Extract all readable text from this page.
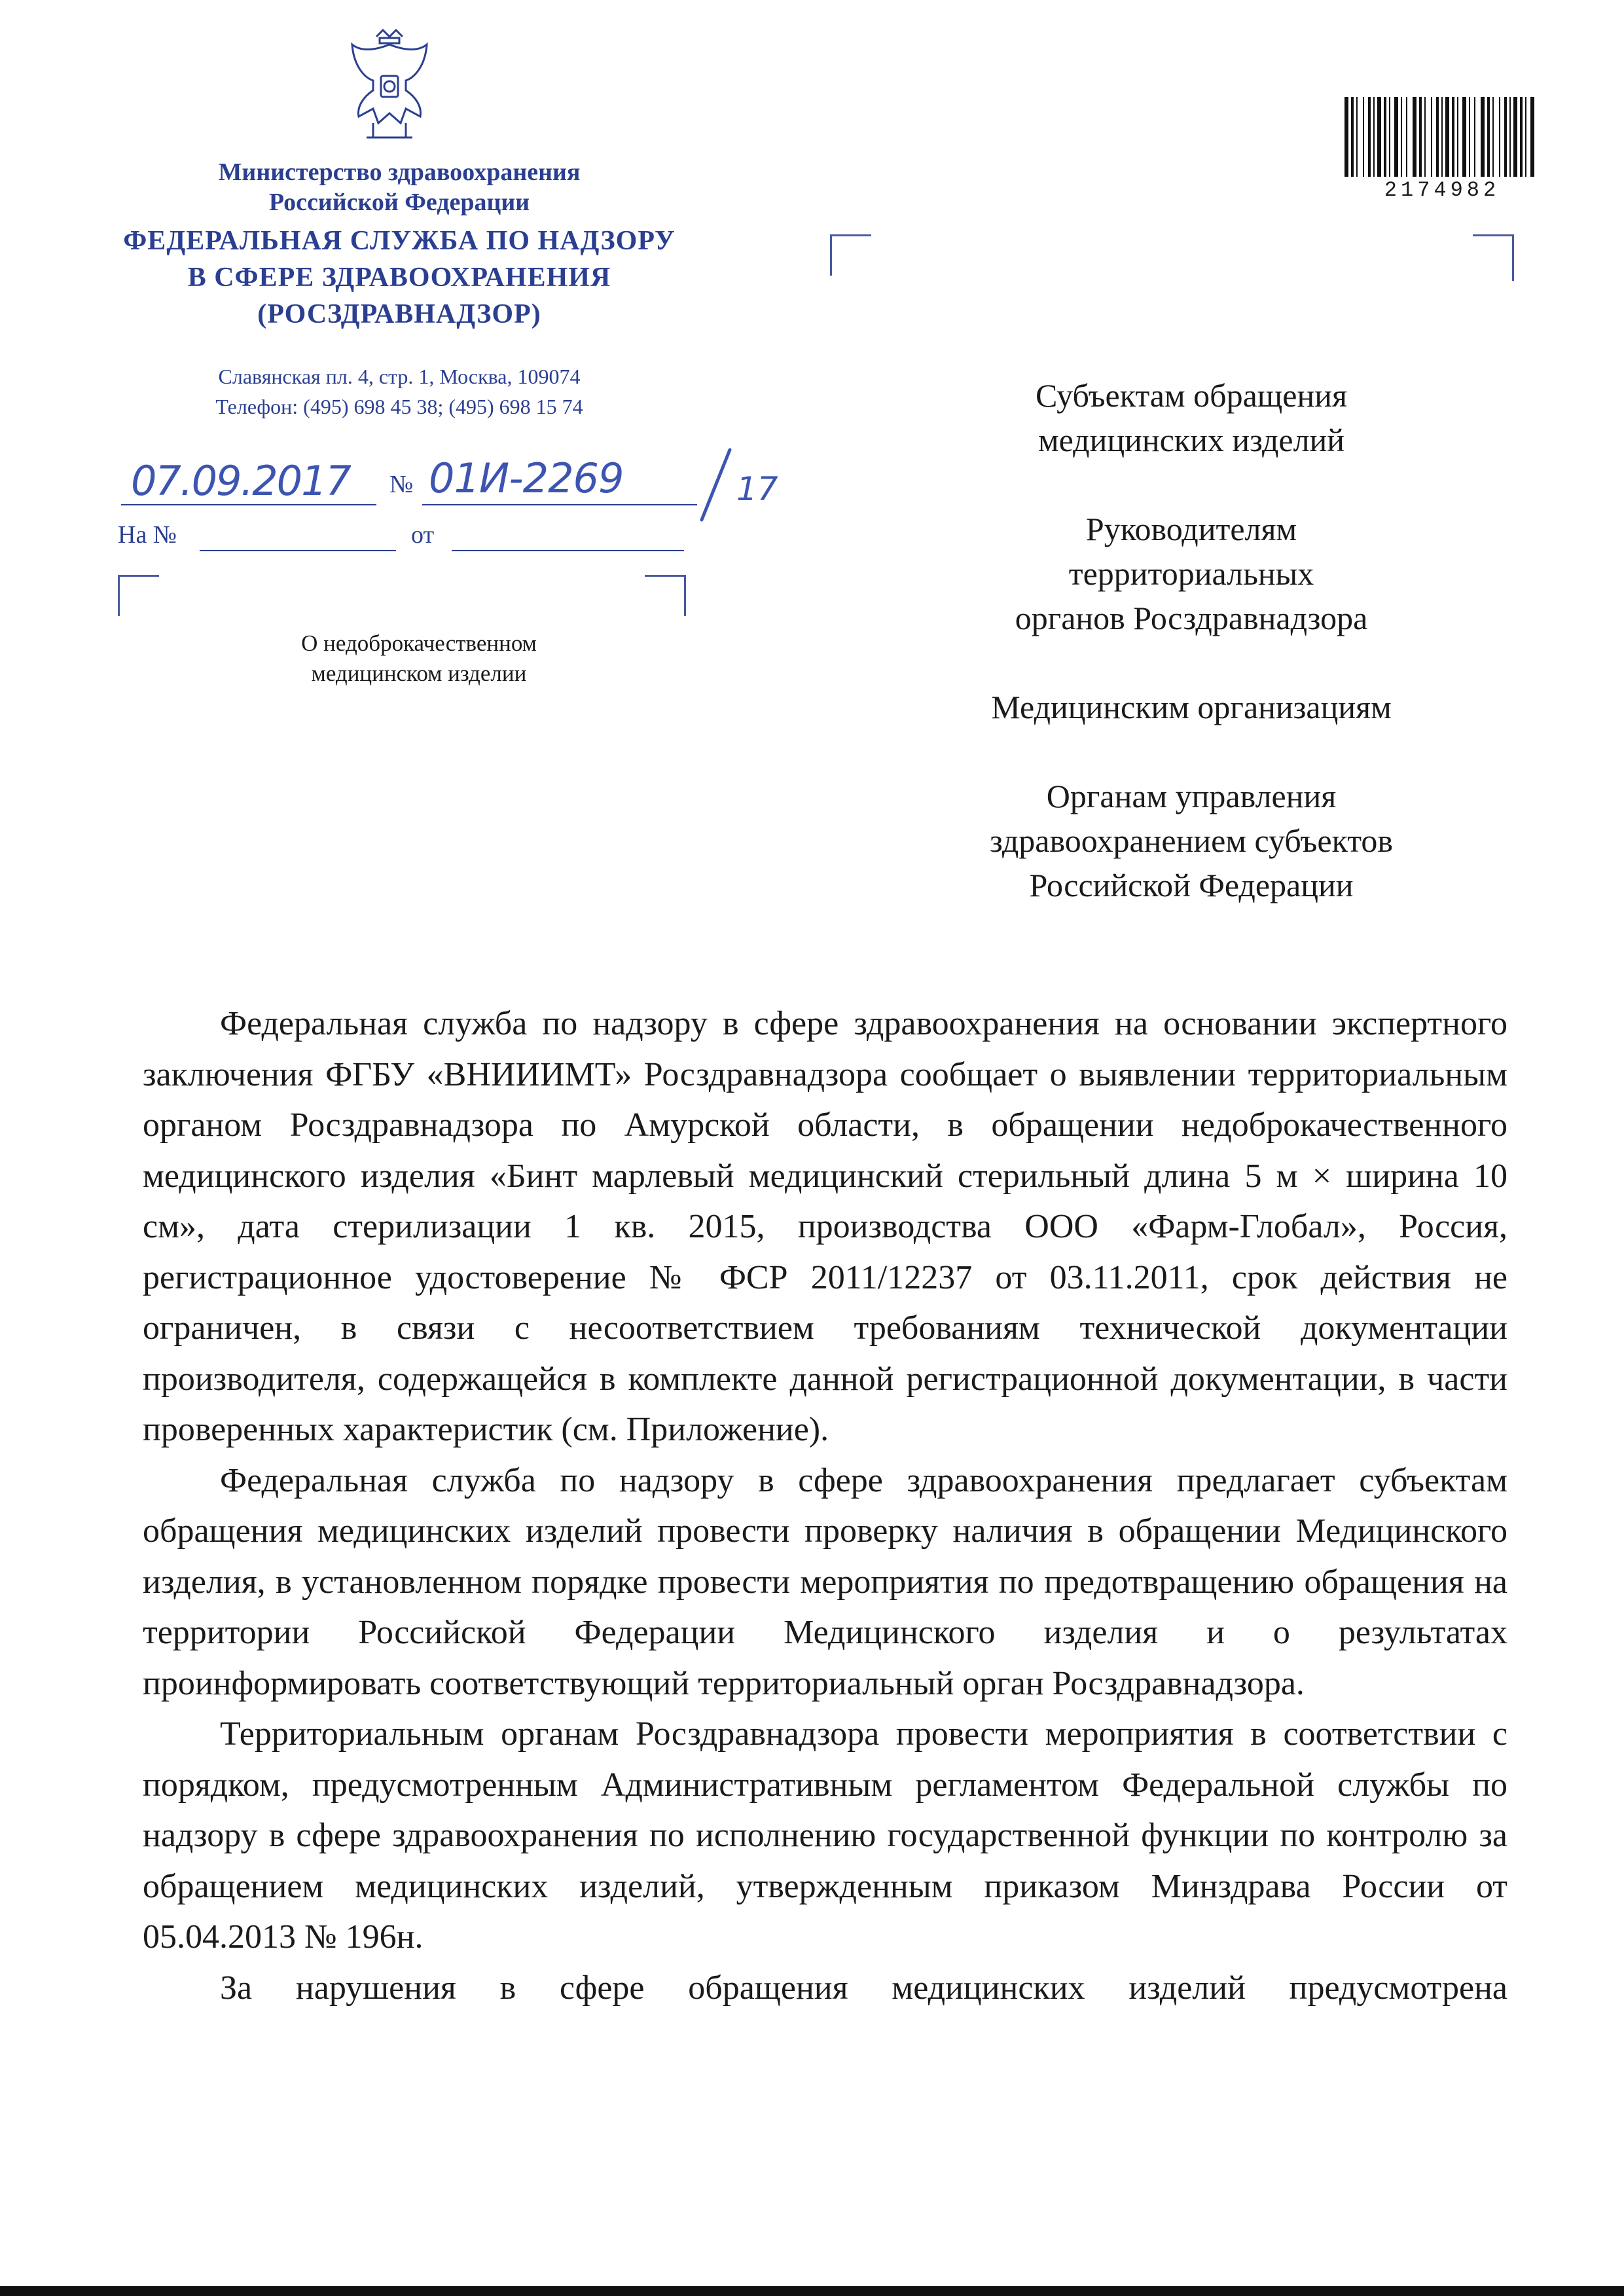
Министерство здравоохранения
Российской Федерации
ФЕДЕРАЛЬНАЯ СЛУЖБА ПО НАДЗОРУ
В СФЕРЕ ЗДРАВООХРАНЕНИЯ
(РОСЗДРАВНАДЗОР)
Славянская пл. 4, стр. 1, Москва, 109074
Телефон: (495) 698 45 38; (495) 698 15 74
07.09.2017 № 01И-2269	17
На №	от
О недоброкачественном
медицинском изделии
2174982
Субъектам обращения
медицинских изделий
Руководителям
территориальных
органов Росздравнадзора
Медицинским организациям
Органам управления
здравоохранением субъектов
Российской Федерации

Федеральная служба по надзору в сфере здравоохранения на основании экспертного заключения ФГБУ «ВНИИИМТ» Росздравнадзора сообщает о выявлении территориальным органом Росздравнадзора по Амурской области, в обращении недоброкачественного медицинского изделия «Бинт марлевый медицинский стерильный длина 5 м × ширина 10 см», дата стерилизации 1 кв. 2015, производства ООО «Фарм-Глобал», Россия, регистрационное удостоверение № ФСР 2011/12237 от 03.11.2011, срок действия не ограничен, в связи с несоответствием требованиям технической документации производителя, содержащейся в комплекте данной регистрационной документации, в части проверенных характеристик (см. Приложение).

Федеральная служба по надзору в сфере здравоохранения предлагает субъектам обращения медицинских изделий провести проверку наличия в обращении Медицинского изделия, в установленном порядке провести мероприятия по предотвращению обращения на территории Российской Федерации Медицинского изделия и о результатах проинформировать соответствующий территориальный орган Росздравнадзора.

Территориальным органам Росздравнадзора провести мероприятия в соответствии с порядком, предусмотренным Административным регламентом Федеральной службы по надзору в сфере здравоохранения по исполнению государственной функции по контролю за обращением медицинских изделий, утвержденным приказом Минздрава России от 05.04.2013 № 196н.

За нарушения в сфере обращения медицинских изделий предусмотрена
